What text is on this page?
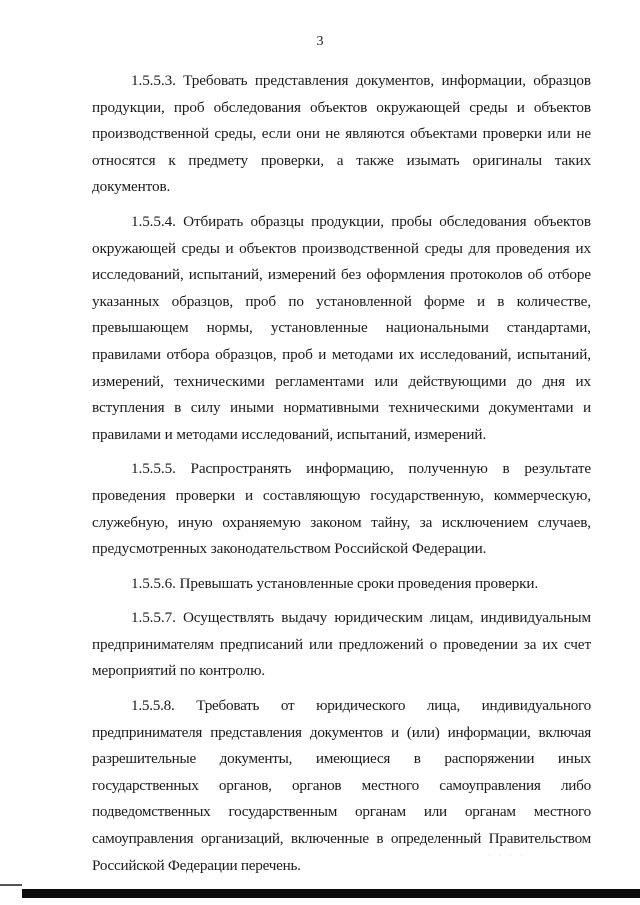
3

1.5.5.3. Требовать представления документов, информации, образцов продукции, проб обследования объектов окружающей среды и объектов производственной среды, если они не являются объектами проверки или не относятся к предмету проверки, а также изымать оригиналы таких документов.

1.5.5.4. Отбирать образцы продукции, пробы обследования объектов окружающей среды и объектов производственной среды для проведения их исследований, испытаний, измерений без оформления протоколов об отборе указанных образцов, проб по установленной форме и в количестве, превышающем нормы, установленные национальными стандартами, правилами отбора образцов, проб и методами их исследований, испытаний, измерений, техническими регламентами или действующими до дня их вступления в силу иными нормативными техническими документами и правилами и методами исследований, испытаний, измерений.

1.5.5.5. Распространять информацию, полученную в результате проведения проверки и составляющую государственную, коммерческую, служебную, иную охраняемую законом тайну, за исключением случаев, предусмотренных законодательством Российской Федерации.

1.5.5.6. Превышать установленные сроки проведения проверки.

1.5.5.7. Осуществлять выдачу юридическим лицам, индивидуальным предпринимателям предписаний или предложений о проведении за их счет мероприятий по контролю.

1.5.5.8. Требовать от юридического лица, индивидуального предпринимателя представления документов и (или) информации, включая разрешительные документы, имеющиеся в распоряжении иных государственных органов, органов местного самоуправления либо подведомственных государственным органам или органам местного самоуправления организаций, включенные в определенный Правительством Российской Федерации перечень.

· · · ·
